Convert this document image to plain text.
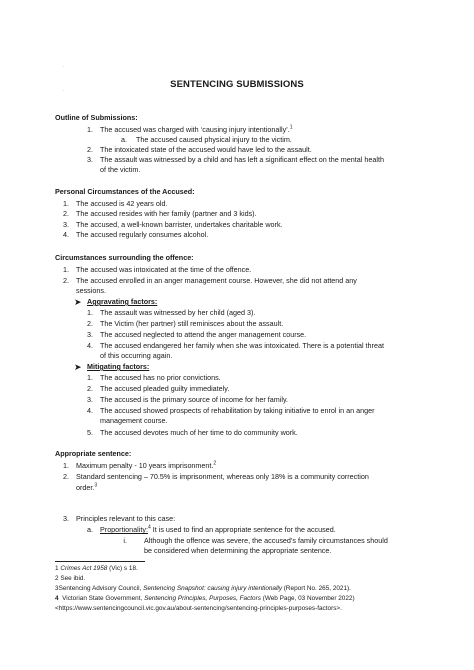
·
·
SENTENCING SUBMISSIONS
Outline of Submissions:
1. The accused was charged with ‘causing injury intentionally’.$^1$
a. The accused caused physical injury to the victim.
2. The intoxicated state of the accused would have led to the assault.
3. The assault was witnessed by a child and has left a significant effect on the mental health
of the victim.
Personal Circumstances of the Accused:
1. The accused is 42 years old.
2. The accused resides with her family (partner and 3 kids).
3. The accused, a well-known barrister, undertakes charitable work.
4. The accused regularly consumes alcohol.
Circumstances surrounding the offence:
1. The accused was intoxicated at the time of the offence.
2. The accused enrolled in an anger management course. However, she did not attend any
sessions.
➤ Aggravating factors:
1. The assault was witnessed by her child (aged 3).
2. The Victim (her partner) still reminisces about the assault.
3. The accused neglected to attend the anger management course.
4. The accused endangered her family when she was intoxicated. There is a potential threat
of this occurring again.
➤ Mitigating factors:
1. The accused has no prior convictions.
2. The accused pleaded guilty immediately.
3. The accused is the primary source of income for her family.
4. The accused showed prospects of rehabilitation by taking initiative to enrol in an anger
management course.
5. The accused devotes much of her time to do community work.
Appropriate sentence:
1. Maximum penalty - 10 years imprisonment.$^2$
2. Standard sentencing – 70.5% is imprisonment, whereas only 18% is a community correction
order.$^3$
3. Principles relevant to this case:
a. Proportionality:$^4$ It is used to find an appropriate sentence for the accused.
i. Although the offence was severe, the accused’s family circumstances should
be considered when determining the appropriate sentence.
1 Crimes Act 1958 (Vic) s 18.
2 See ibid.
3Sentencing Advisory Council, Sentencing Snapshot: causing injury intentionally (Report No. 265, 2021).
4 Victorian State Government, Sentencing Principles, Purposes, Factors (Web Page, 03 November 2022)
<https://www.sentencingcouncil.vic.gov.au/about-sentencing/sentencing-principles-purposes-factors>.
